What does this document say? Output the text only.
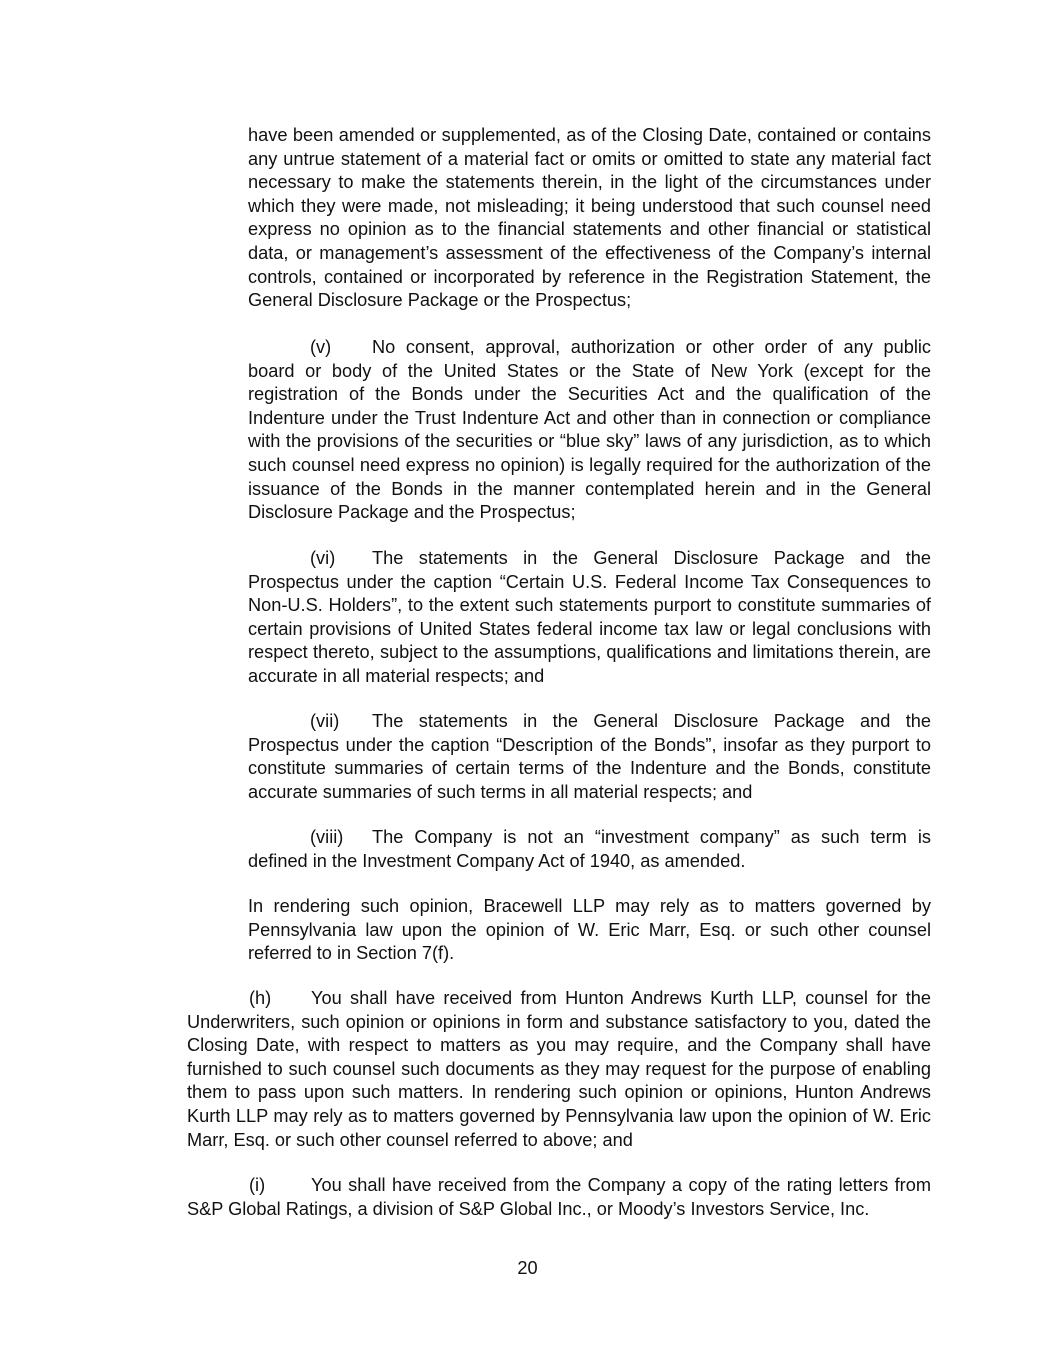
have been amended or supplemented, as of the Closing Date, contained or contains any untrue statement of a material fact or omits or omitted to state any material fact necessary to make the statements therein, in the light of the circumstances under which they were made, not misleading; it being understood that such counsel need express no opinion as to the financial statements and other financial or statistical data, or management’s assessment of the effectiveness of the Company’s internal controls, contained or incorporated by reference in the Registration Statement, the General Disclosure Package or the Prospectus;

(v) No consent, approval, authorization or other order of any public board or body of the United States or the State of New York (except for the registration of the Bonds under the Securities Act and the qualification of the Indenture under the Trust Indenture Act and other than in connection or compliance with the provisions of the securities or “blue sky” laws of any jurisdiction, as to which such counsel need express no opinion) is legally required for the authorization of the issuance of the Bonds in the manner contemplated herein and in the General Disclosure Package and the Prospectus;

(vi) The statements in the General Disclosure Package and the Prospectus under the caption “Certain U.S. Federal Income Tax Consequences to Non-U.S. Holders”, to the extent such statements purport to constitute summaries of certain provisions of United States federal income tax law or legal conclusions with respect thereto, subject to the assumptions, qualifications and limitations therein, are accurate in all material respects; and

(vii) The statements in the General Disclosure Package and the Prospectus under the caption “Description of the Bonds”, insofar as they purport to constitute summaries of certain terms of the Indenture and the Bonds, constitute accurate summaries of such terms in all material respects; and

(viii) The Company is not an “investment company” as such term is defined in the Investment Company Act of 1940, as amended.

In rendering such opinion, Bracewell LLP may rely as to matters governed by Pennsylvania law upon the opinion of W. Eric Marr, Esq. or such other counsel referred to in Section 7(f).

(h) You shall have received from Hunton Andrews Kurth LLP, counsel for the Underwriters, such opinion or opinions in form and substance satisfactory to you, dated the Closing Date, with respect to matters as you may require, and the Company shall have furnished to such counsel such documents as they may request for the purpose of enabling them to pass upon such matters. In rendering such opinion or opinions, Hunton Andrews Kurth LLP may rely as to matters governed by Pennsylvania law upon the opinion of W. Eric Marr, Esq. or such other counsel referred to above; and

(i)	You shall have received from the Company a copy of the rating letters from S&P Global Ratings, a division of S&P Global Inc., or Moody’s Investors Service, Inc.

20
